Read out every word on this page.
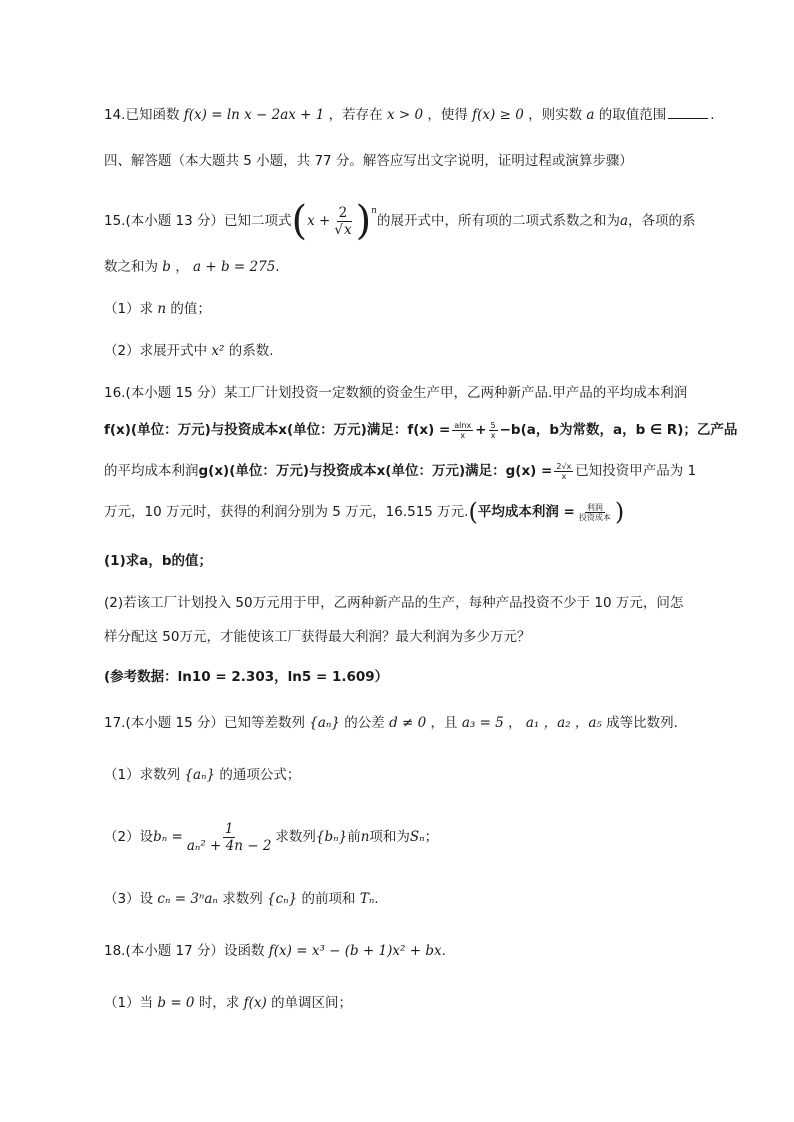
14.已知函数 f(x) = ln x − 2ax + 1 ，若存在 x > 0 ，使得 f(x) ≥ 0 ，则实数 a 的取值范围	.
四、解答题（本大题共 5 小题，共 77 分。解答应写出文字说明，证明过程或演算步骤）
15.(本小题 13 分）已知二项式 ( $x + \frac{2}{√x} )^n$
的展开式中，所有项的二项式系数之和为 a ，各项的系
数之和为 b ， a + b = 275.
（1）求 n 的值；
（2）求展开式中 x² 的系数.
16.(本小题 15 分）某工厂计划投资一定数额的资金生产甲，乙两种新产品.甲产品的平均成本利润
f(x)(单位：万元)与投资成本 x (单位：万元)满足：$f(x) = \frac{alnx}{x} + \frac{5}{x} -b(a$，b为常数，a，b ∈ R)；乙产品
的平均成本利润 g(x) (单位：万元)与投资成本 x (单位：万元)满足： $g(x) = \frac{2√x}{x}$ 已知投资甲产品为 1
万元，10 万元时，获得的利润分别为 5 万元，16.515 万元. ( 平均成本利润 = $\frac{\text{利润}}{\text{投资成本}}$ )
(1)求a，b的值；
(2)若该工厂计划投入 50万元用于甲，乙两种新产品的生产，每种产品投资不少于 10 万元，问怎
样分配这 50万元，才能使该工厂获得最大利润？最大利润为多少万元？
(参考数据：ln10 = 2.303，ln5 = 1.609）
17.(本小题 15 分）已知等差数列 {aₙ} 的公差 d ≠ 0 ，且 a₃ = 5 ， a₁ ，a₂ ，a₅ 成等比数列.
（1）求数列 {aₙ} 的通项公式；
（2）设 $b_n = \frac{1}{\text{aₙ² + 4n − 2}}$ 求数列 {bₙ} 前 n 项和为 Sₙ ；
（3）设 cₙ = 3ⁿaₙ 求数列 {cₙ} 的前项和 Tₙ.
18.(本小题 17 分）设函数 f(x) = x³ − (b + 1)x² + bx.
（1）当 b = 0 时，求 f(x) 的单调区间；
